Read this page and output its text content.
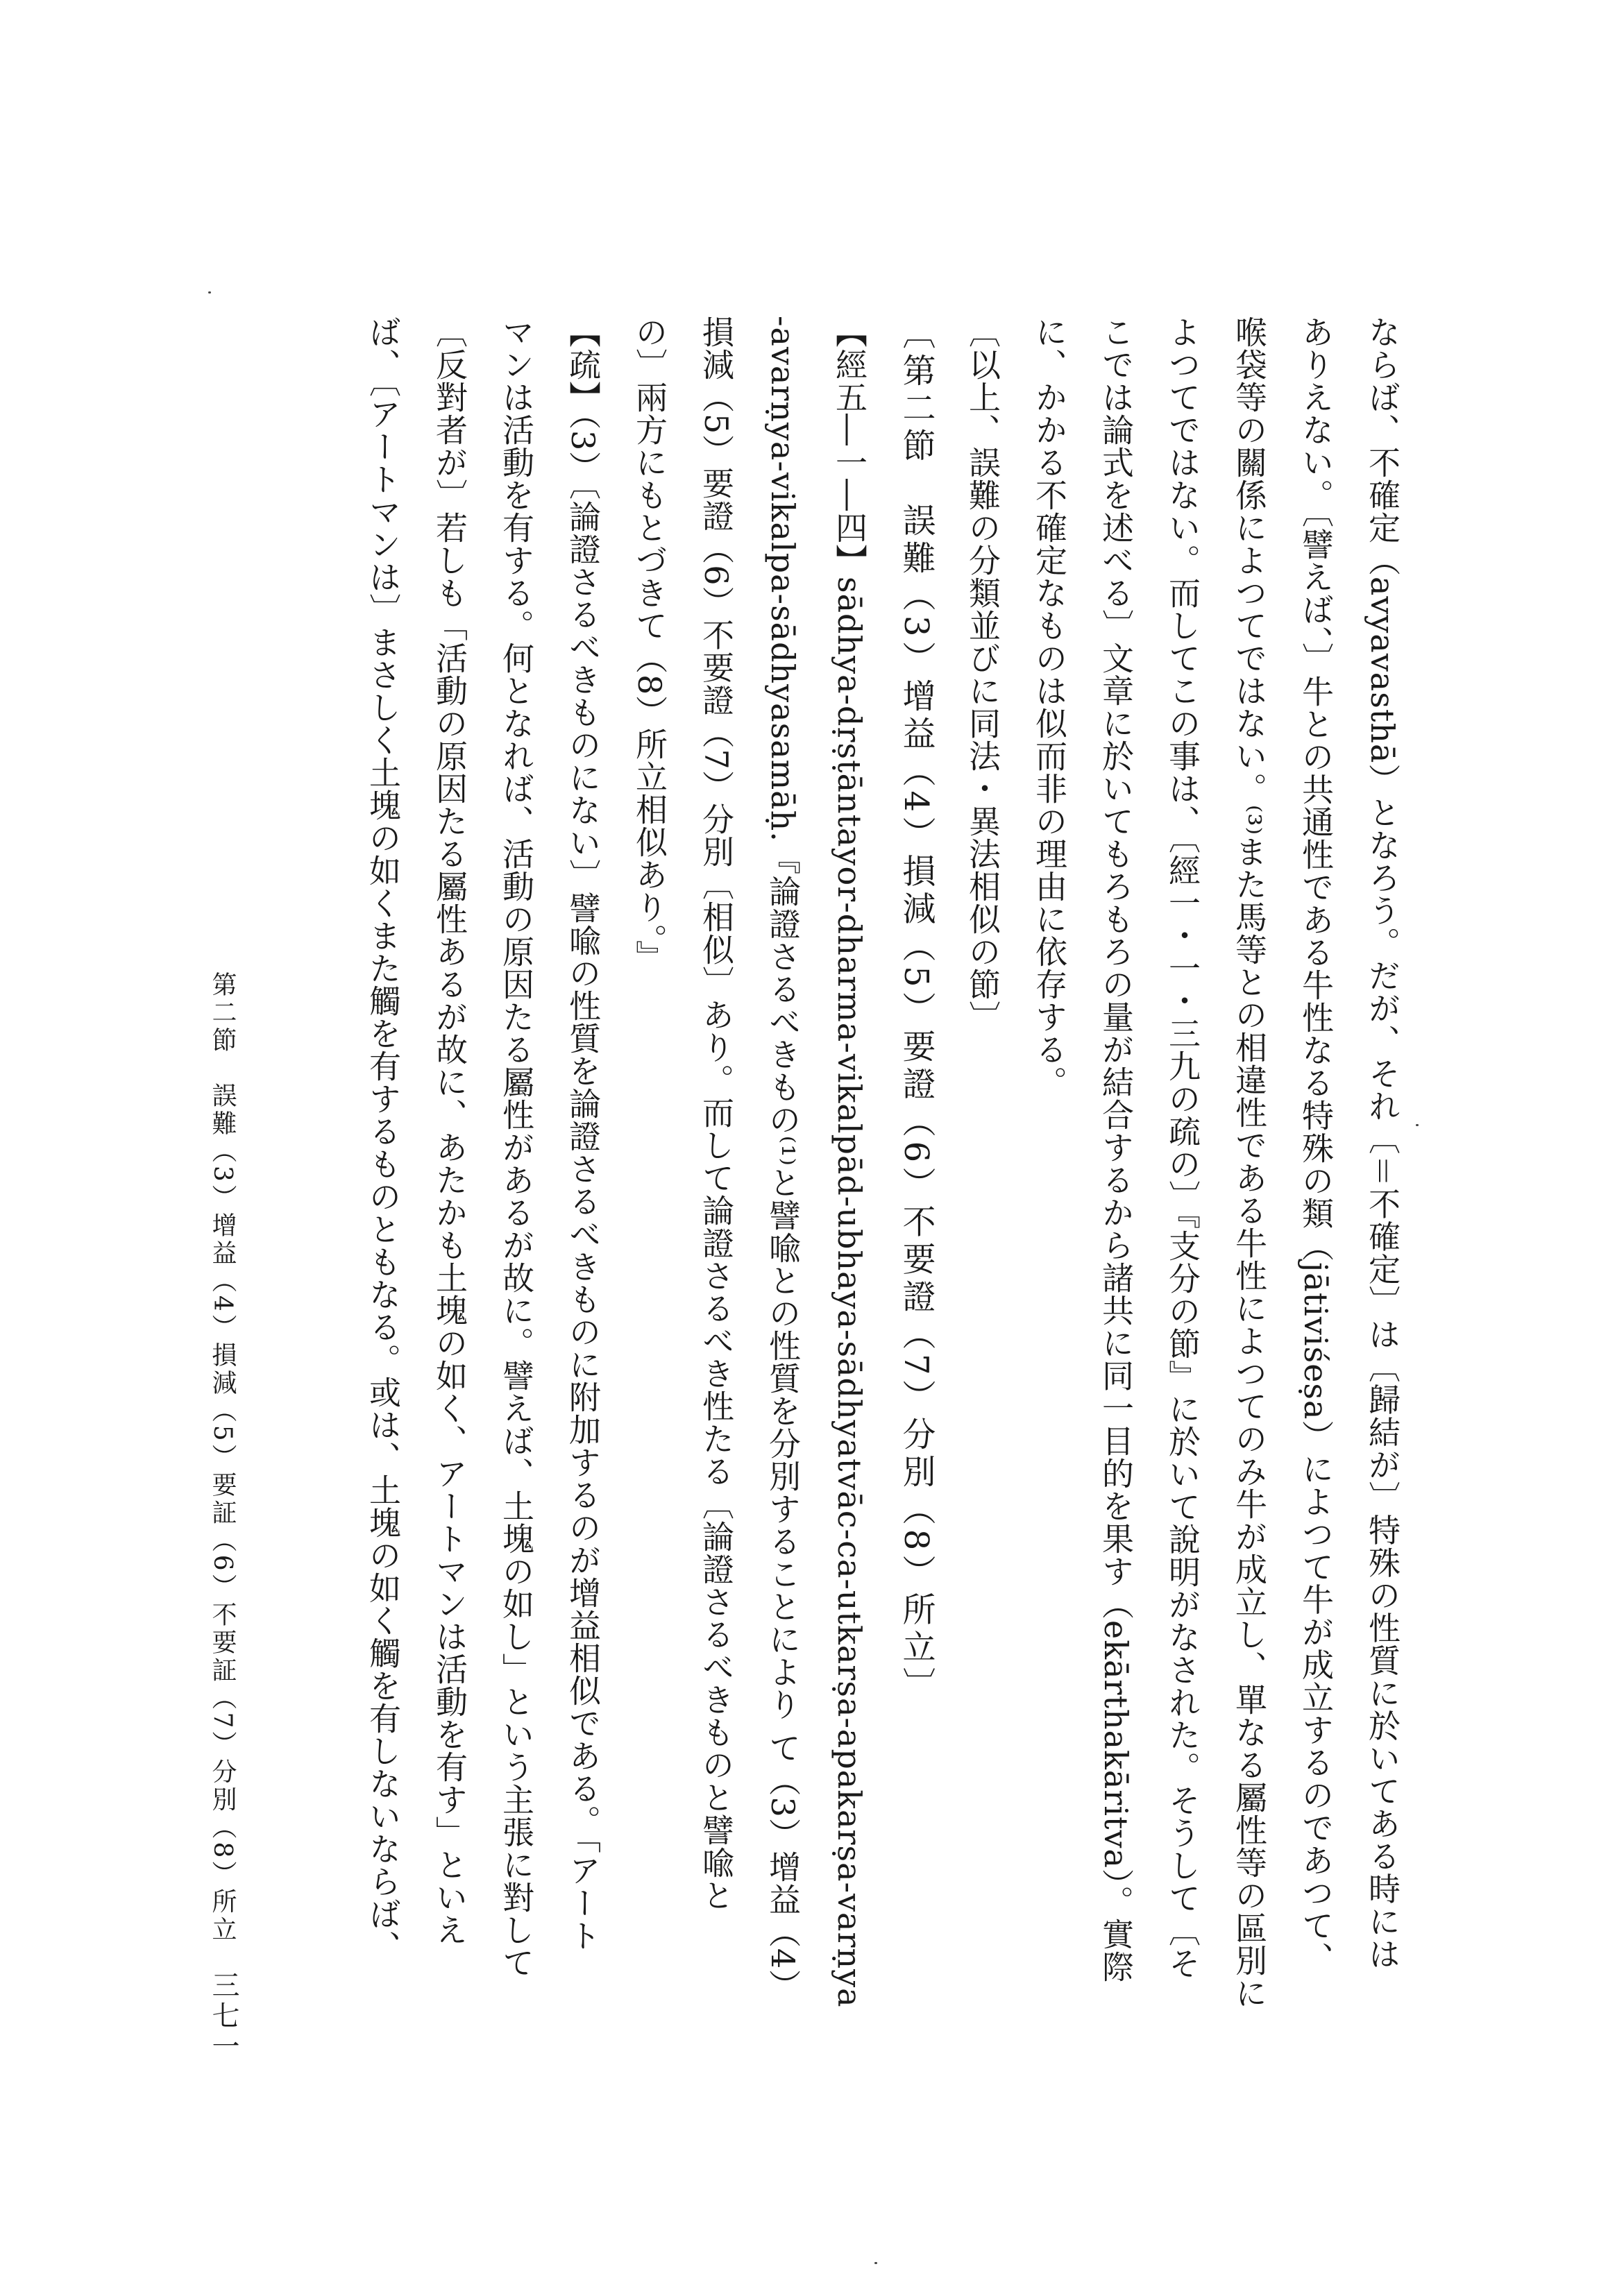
ならば、不確定（avyavasthā）となろう。だが、それ〔＝不確定〕は〔歸結が〕特殊の性質に於いてある時には

ありえない。〔譬えば、〕牛との共通性である牛性なる特殊の類（jātiviśeṣa）によつて牛が成立するのであつて、

喉袋等の關係によつてではない。⁽³⁾また馬等との相違性である牛性によつてのみ牛が成立し、單なる屬性等の區別に

よつてではない。而してこの事は、〔經一・一・三九の疏の〕『支分の節』に於いて說明がなされた。そうして〔そ

こでは論式を述べる〕文章に於いてもろもろの量が結合するから諸共に同一目的を果す（ekārthakāritva）。實際

に、かかる不確定なものは似而非の理由に依存する。

〔以上、誤難の分類並びに同法・異法相似の節〕

〔第二節　誤難（3）增益（4）損減（5）要證（6）不要證（7）分別（8）所立〕

【經五―一―四】sādhya-dṛṣṭāntayor-dharma-vikalpād-ubhaya-sādhyatvāc-ca-utkarṣa-apakarṣa-varṇya

-avarṇya-vikalpa-sādhyasamāḥ.『論證さるべきもの⁽¹⁾と譬喩との性質を分別することにより て（3）增益（4）

損減（5）要證（6）不要證（7）分別〔相似〕あり。而して論證さるべき性たる〔論證さるべきものと譬喩と

の〕兩方にもとづきて（8）所立相似あり。』

【疏】（3）〔論證さるべきものにない〕譬喩の性質を論證さるべきものに附加するのが增益相似である。「アート

マンは活動を有する。何となれば、活動の原因たる屬性があるが故に。譬えば、土塊の如し」という主張に對して

〔反對者が〕若しも「活動の原因たる屬性あるが故に、あたかも土塊の如く、アートマンは活動を有す」といえ

ば、〔アートマンは〕まさしく土塊の如くまた觸を有するものともなる。或は、土塊の如く觸を有しないならば、

第二節　誤難（3）增益（4）損減（5）要証（6）不要証（7）分別（8）所立
三七一
